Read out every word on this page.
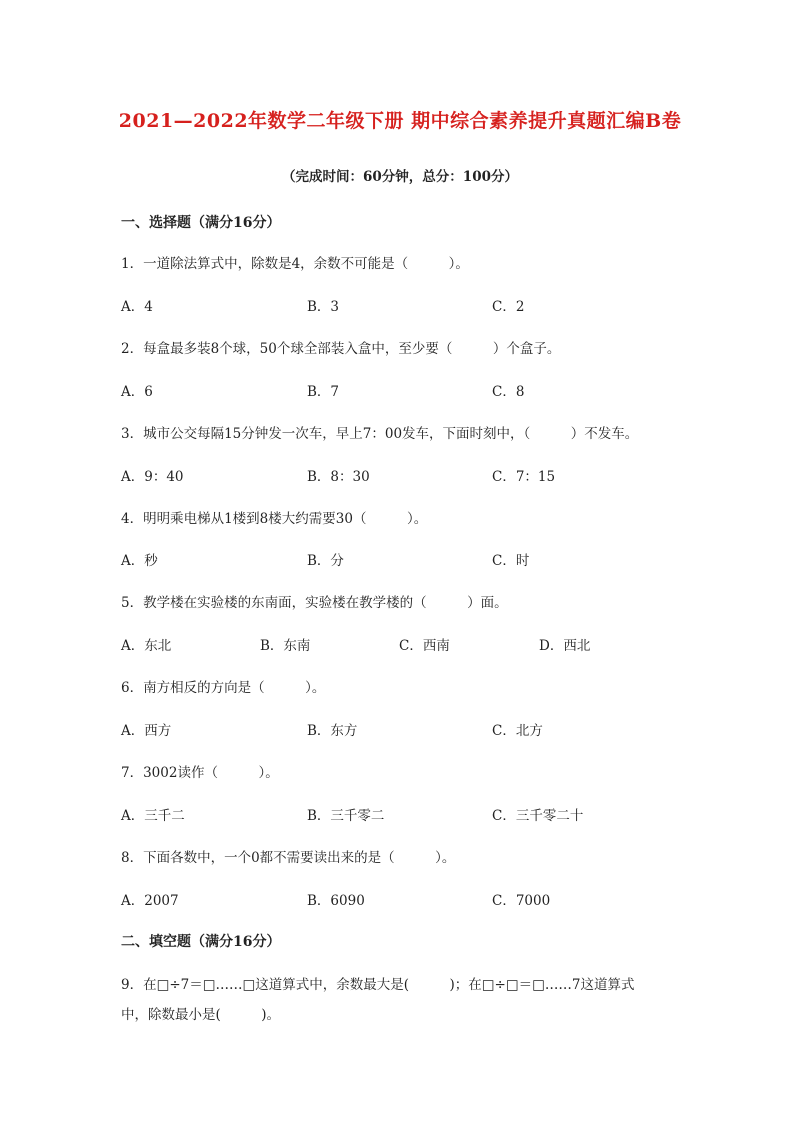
2021—2022年数学二年级下册 期中综合素养提升真题汇编B卷
（完成时间：60分钟，总分：100分）
一、选择题（满分16分）
1．一道除法算式中，除数是4，余数不可能是（　　　）。
A．4	B．3	C．2
2．每盒最多装8个球，50个球全部装入盒中，至少要（　　　）个盒子。
A．6	B．7	C．8
3．城市公交每隔15分钟发一次车，早上7：00发车，下面时刻中，（　　　）不发车。
A．9：40	B．8：30	C．7：15
4．明明乘电梯从1楼到8楼大约需要30（　　　）。
A．秒	B．分	C．时
5．教学楼在实验楼的东南面，实验楼在教学楼的（　　　）面。
A．东北	B．东南	C．西南	D．西北
6．南方相反的方向是（　　　）。
A．西方	B．东方	C．北方
7．3002读作（　　　）。
A．三千二	B．三千零二	C．三千零二十
8．下面各数中，一个0都不需要读出来的是（　　　）。
A．2007	B．6090	C．7000
二、填空题（满分16分）
9．在□÷7＝□……□这道算式中，余数最大是(　　　)；在□÷□＝□……7这道算式
中，除数最小是(　　　)。
